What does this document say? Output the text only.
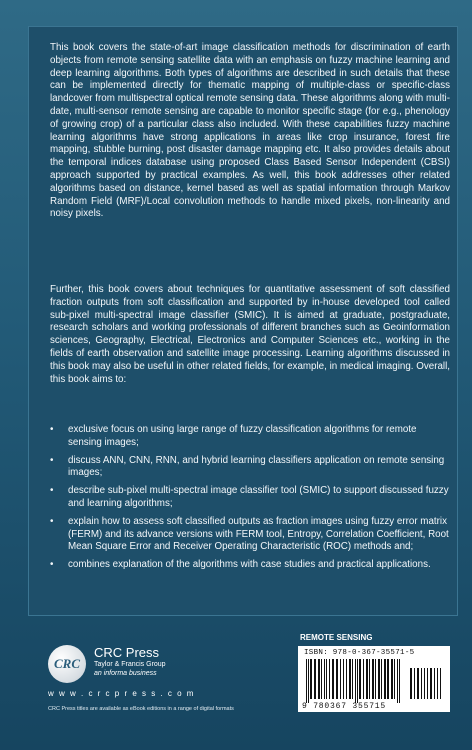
This book covers the state-of-art image classification methods for discrimination of earth objects from remote sensing satellite data with an emphasis on fuzzy machine learning and deep learning algorithms. Both types of algorithms are described in such details that these can be implemented directly for thematic mapping of multiple-class or specific-class landcover from multispectral optical remote sensing data. These algorithms along with multi-date, multi-sensor remote sensing are capable to monitor specific stage (for e.g., phenology of growing crop) of a particular class also included. With these capabilities fuzzy machine learning algorithms have strong applications in areas like crop insurance, forest fire mapping, stubble burning, post disaster damage mapping etc. It also provides details about the temporal indices database using proposed Class Based Sensor Independent (CBSI) approach supported by practical examples. As well, this book addresses other related algorithms based on distance, kernel based as well as spatial information through Markov Random Field (MRF)/Local convolution methods to handle mixed pixels, non-linearity and noisy pixels.

Further, this book covers about techniques for quantitative assessment of soft classified fraction outputs from soft classification and supported by in-house developed tool called sub-pixel multi-spectral image classifier (SMIC). It is aimed at graduate, postgraduate, research scholars and working professionals of different branches such as Geoinformation sciences, Geography, Electrical, Electronics and Computer Sciences etc., working in the fields of earth observation and satellite image processing. Learning algorithms discussed in this book may also be useful in other related fields, for example, in medical imaging. Overall, this book aims to:

• exclusive focus on using large range of fuzzy classification algorithms for remote sensing images;
• discuss ANN, CNN, RNN, and hybrid learning classifiers application on remote sensing images;
• describe sub-pixel multi-spectral image classifier tool (SMIC) to support discussed fuzzy and learning algorithms;
• explain how to assess soft classified outputs as fraction images using fuzzy error matrix (FERM) and its advance versions with FERM tool, Entropy, Correlation Coefficient, Root Mean Square Error and Receiver Operating Characteristic (ROC) methods and;
• combines explanation of the algorithms with case studies and practical applications.
CRC
CRC Press
Taylor & Francis Group
an informa business
w w w . c r c p r e s s . c o m
CRC Press titles are available as eBook editions in a range of digital formats
REMOTE SENSING
ISBN: 978-0-367-35571-5
9 780367 355715
